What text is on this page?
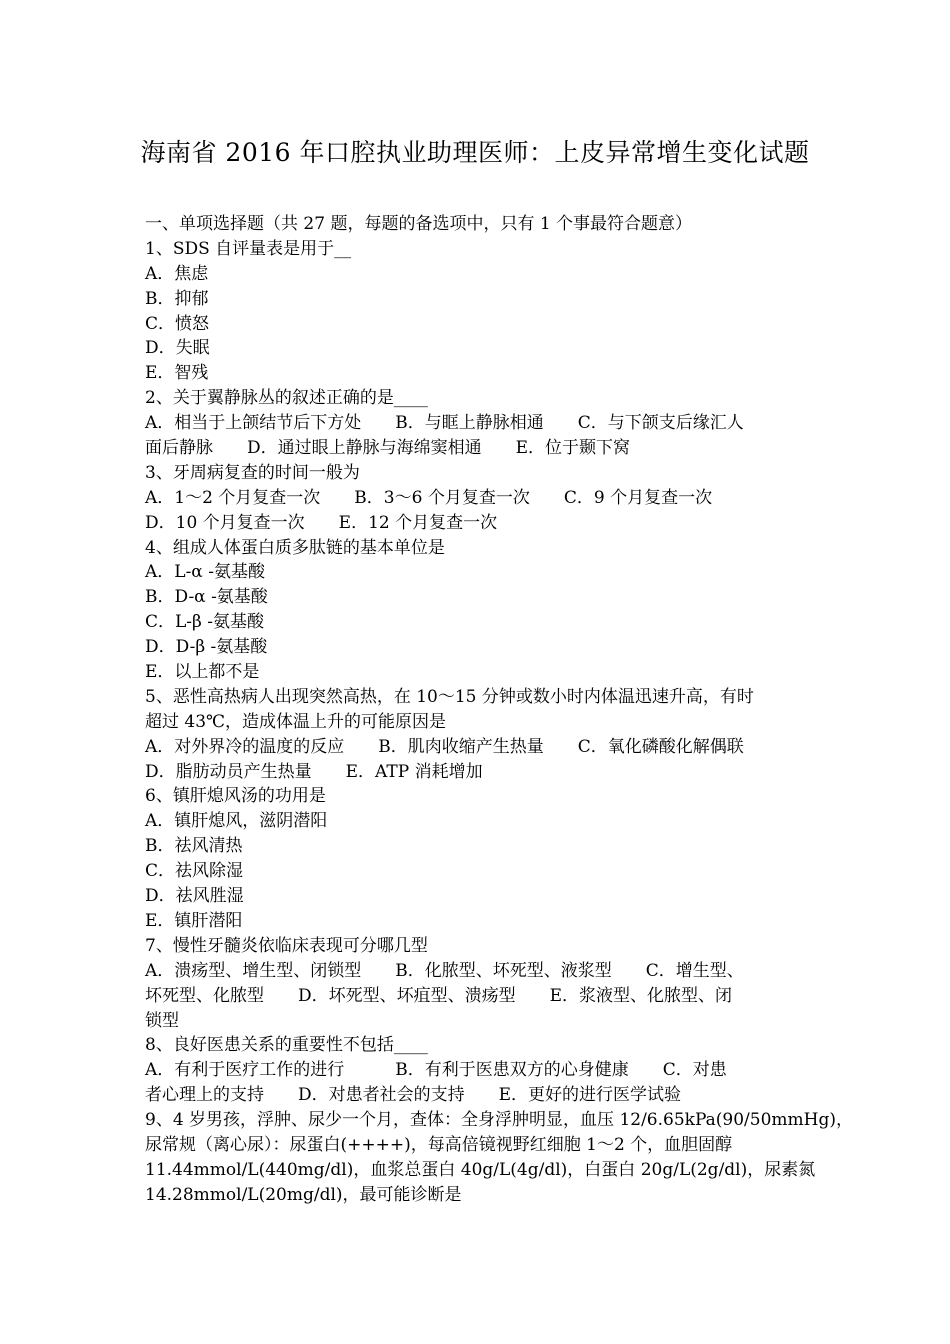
海南省 2016 年口腔执业助理医师：上皮异常增生变化试题
一、单项选择题（共 27 题，每题的备选项中，只有 1 个事最符合题意）
1、SDS 自评量表是用于__
A．焦虑
B．抑郁
C．愤怒
D．失眠
E．智残
2、关于翼静脉丛的叙述正确的是____
A．相当于上颌结节后下方处　　B．与眶上静脉相通　　C．与下颌支后缘汇人
面后静脉　　D．通过眼上静脉与海绵窦相通　　E．位于颞下窝
3、牙周病复查的时间一般为
A．1～2 个月复查一次　　B．3～6 个月复查一次　　C．9 个月复查一次
D．10 个月复查一次　　E．12 个月复查一次
4、组成人体蛋白质多肽链的基本单位是
A．L-α -氨基酸
B．D-α -氨基酸
C．L-β -氨基酸
D．D-β -氨基酸
E．以上都不是
5、恶性高热病人出现突然高热，在 10～15 分钟或数小时内体温迅速升高，有时
超过 43℃，造成体温上升的可能原因是
A．对外界冷的温度的反应　　B．肌肉收缩产生热量　　C．氧化磷酸化解偶联
D．脂肪动员产生热量　　E．ATP 消耗增加
6、镇肝熄风汤的功用是
A．镇肝熄风，滋阴潜阳
B．祛风清热
C．祛风除湿
D．祛风胜湿
E．镇肝潜阳
7、慢性牙髓炎依临床表现可分哪几型
A．溃疡型、增生型、闭锁型　　B．化脓型、坏死型、液浆型　　C．增生型、
坏死型、化脓型　　D．坏死型、坏疽型、溃疡型　　E．浆液型、化脓型、闭
锁型
8、良好医患关系的重要性不包括____
A．有利于医疗工作的进行　　　B．有利于医患双方的心身健康　　C．对患
者心理上的支持　　D．对患者社会的支持　　E．更好的进行医学试验
9、4 岁男孩，浮肿、尿少一个月，查体：全身浮肿明显，血压 12/6.65kPa(90/50mmHg)，
尿常规（离心尿）：尿蛋白(++++)，每高倍镜视野红细胞 1～2 个，血胆固醇
11.44mmol/L(440mg/dl)，血浆总蛋白 40g/L(4g/dl)，白蛋白 20g/L(2g/dl)，尿素氮
14.28mmol/L(20mg/dl)，最可能诊断是
